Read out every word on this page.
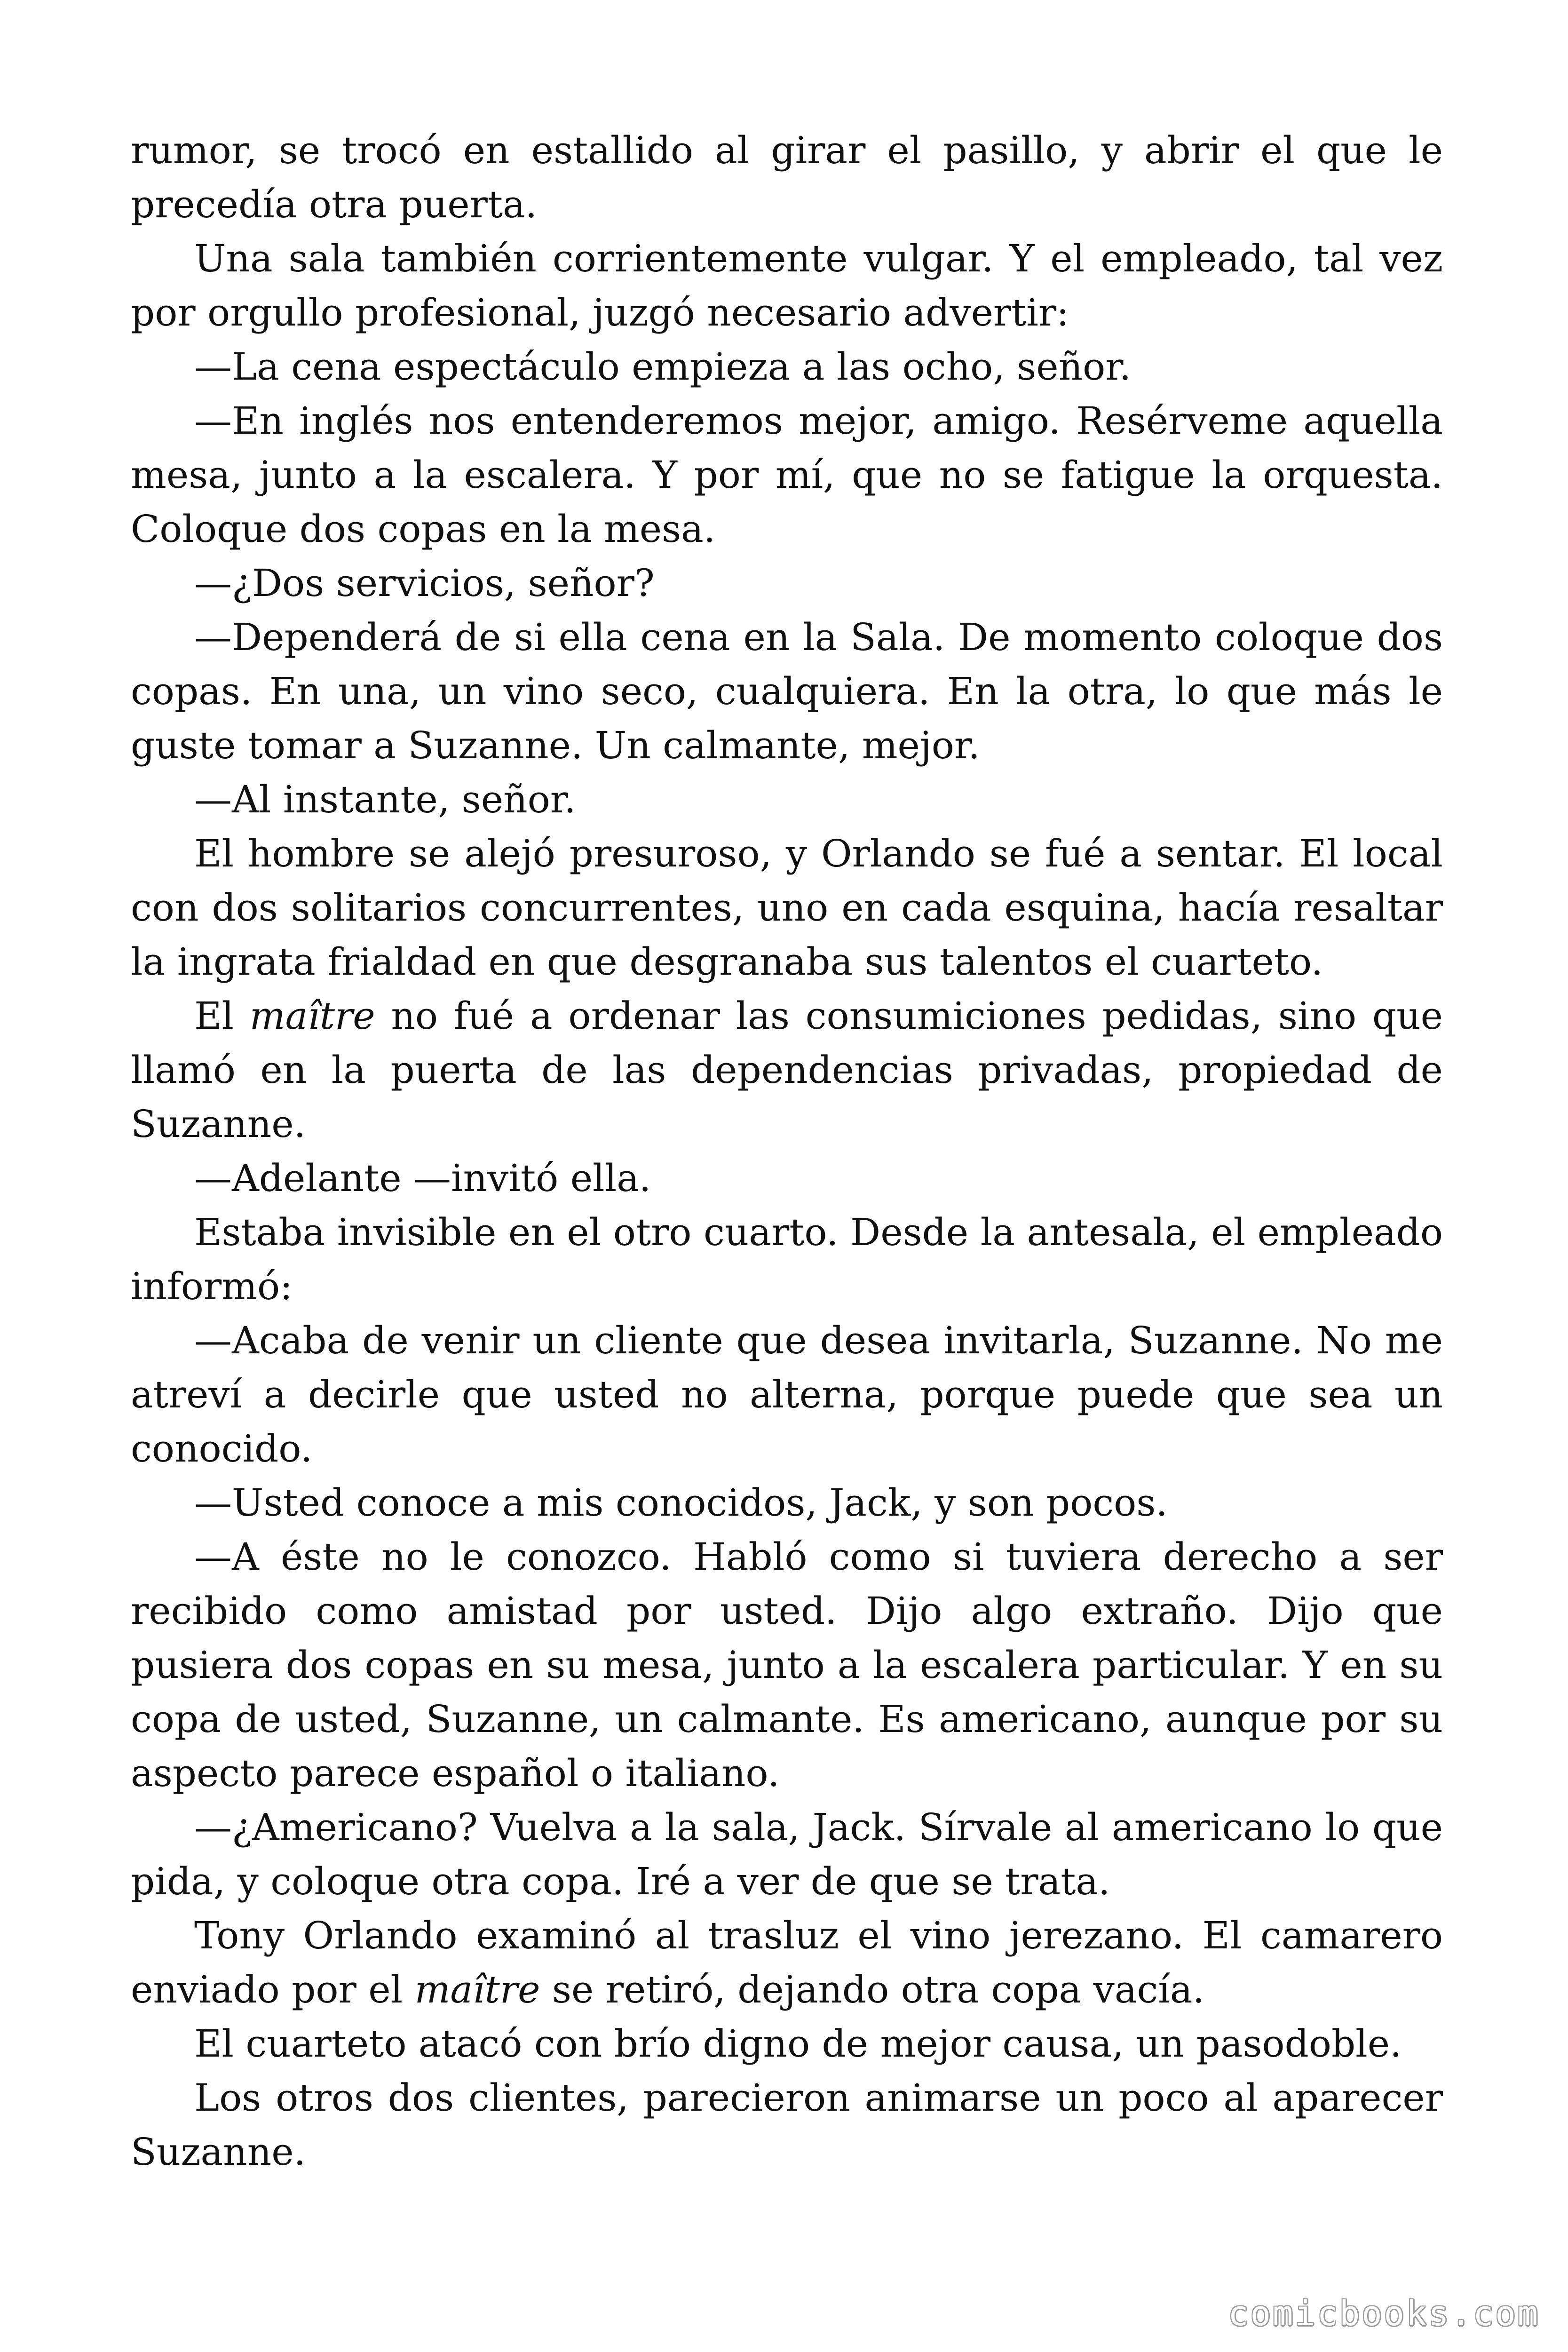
rumor, se trocó en estallido al girar el pasillo, y abrir el que le precedía otra puerta.

Una sala también corrientemente vulgar. Y el empleado, tal vez por orgullo profesional, juzgó necesario advertir:

—La cena espectáculo empieza a las ocho, señor.

—En inglés nos entenderemos mejor, amigo. Resérveme aquella mesa, junto a la escalera. Y por mí, que no se fatigue la orquesta. Coloque dos copas en la mesa.

—¿Dos servicios, señor?

—Dependerá de si ella cena en la Sala. De momento coloque dos copas. En una, un vino seco, cualquiera. En la otra, lo que más le guste tomar a Suzanne. Un calmante, mejor.

—Al instante, señor.

El hombre se alejó presuroso, y Orlando se fué a sentar. El local con dos solitarios concurrentes, uno en cada esquina, hacía resaltar la ingrata frialdad en que desgranaba sus talentos el cuarteto.

El maître no fué a ordenar las consumiciones pedidas, sino que llamó en la puerta de las dependencias privadas, propiedad de Suzanne.

—Adelante —invitó ella.

Estaba invisible en el otro cuarto. Desde la antesala, el empleado informó:

—Acaba de venir un cliente que desea invitarla, Suzanne. No me atreví a decirle que usted no alterna, porque puede que sea un conocido.

—Usted conoce a mis conocidos, Jack, y son pocos.

—A éste no le conozco. Habló como si tuviera derecho a ser recibido como amistad por usted. Dijo algo extraño. Dijo que pusiera dos copas en su mesa, junto a la escalera particular. Y en su copa de usted, Suzanne, un calmante. Es americano, aunque por su aspecto parece español o italiano.

—¿Americano? Vuelva a la sala, Jack. Sírvale al americano lo que pida, y coloque otra copa. Iré a ver de que se trata.

Tony Orlando examinó al trasluz el vino jerezano. El camarero enviado por el maître se retiró, dejando otra copa vacía.

El cuarteto atacó con brío digno de mejor causa, un pasodoble.

Los otros dos clientes, parecieron animarse un poco al aparecer Suzanne.

comicbooks.com
